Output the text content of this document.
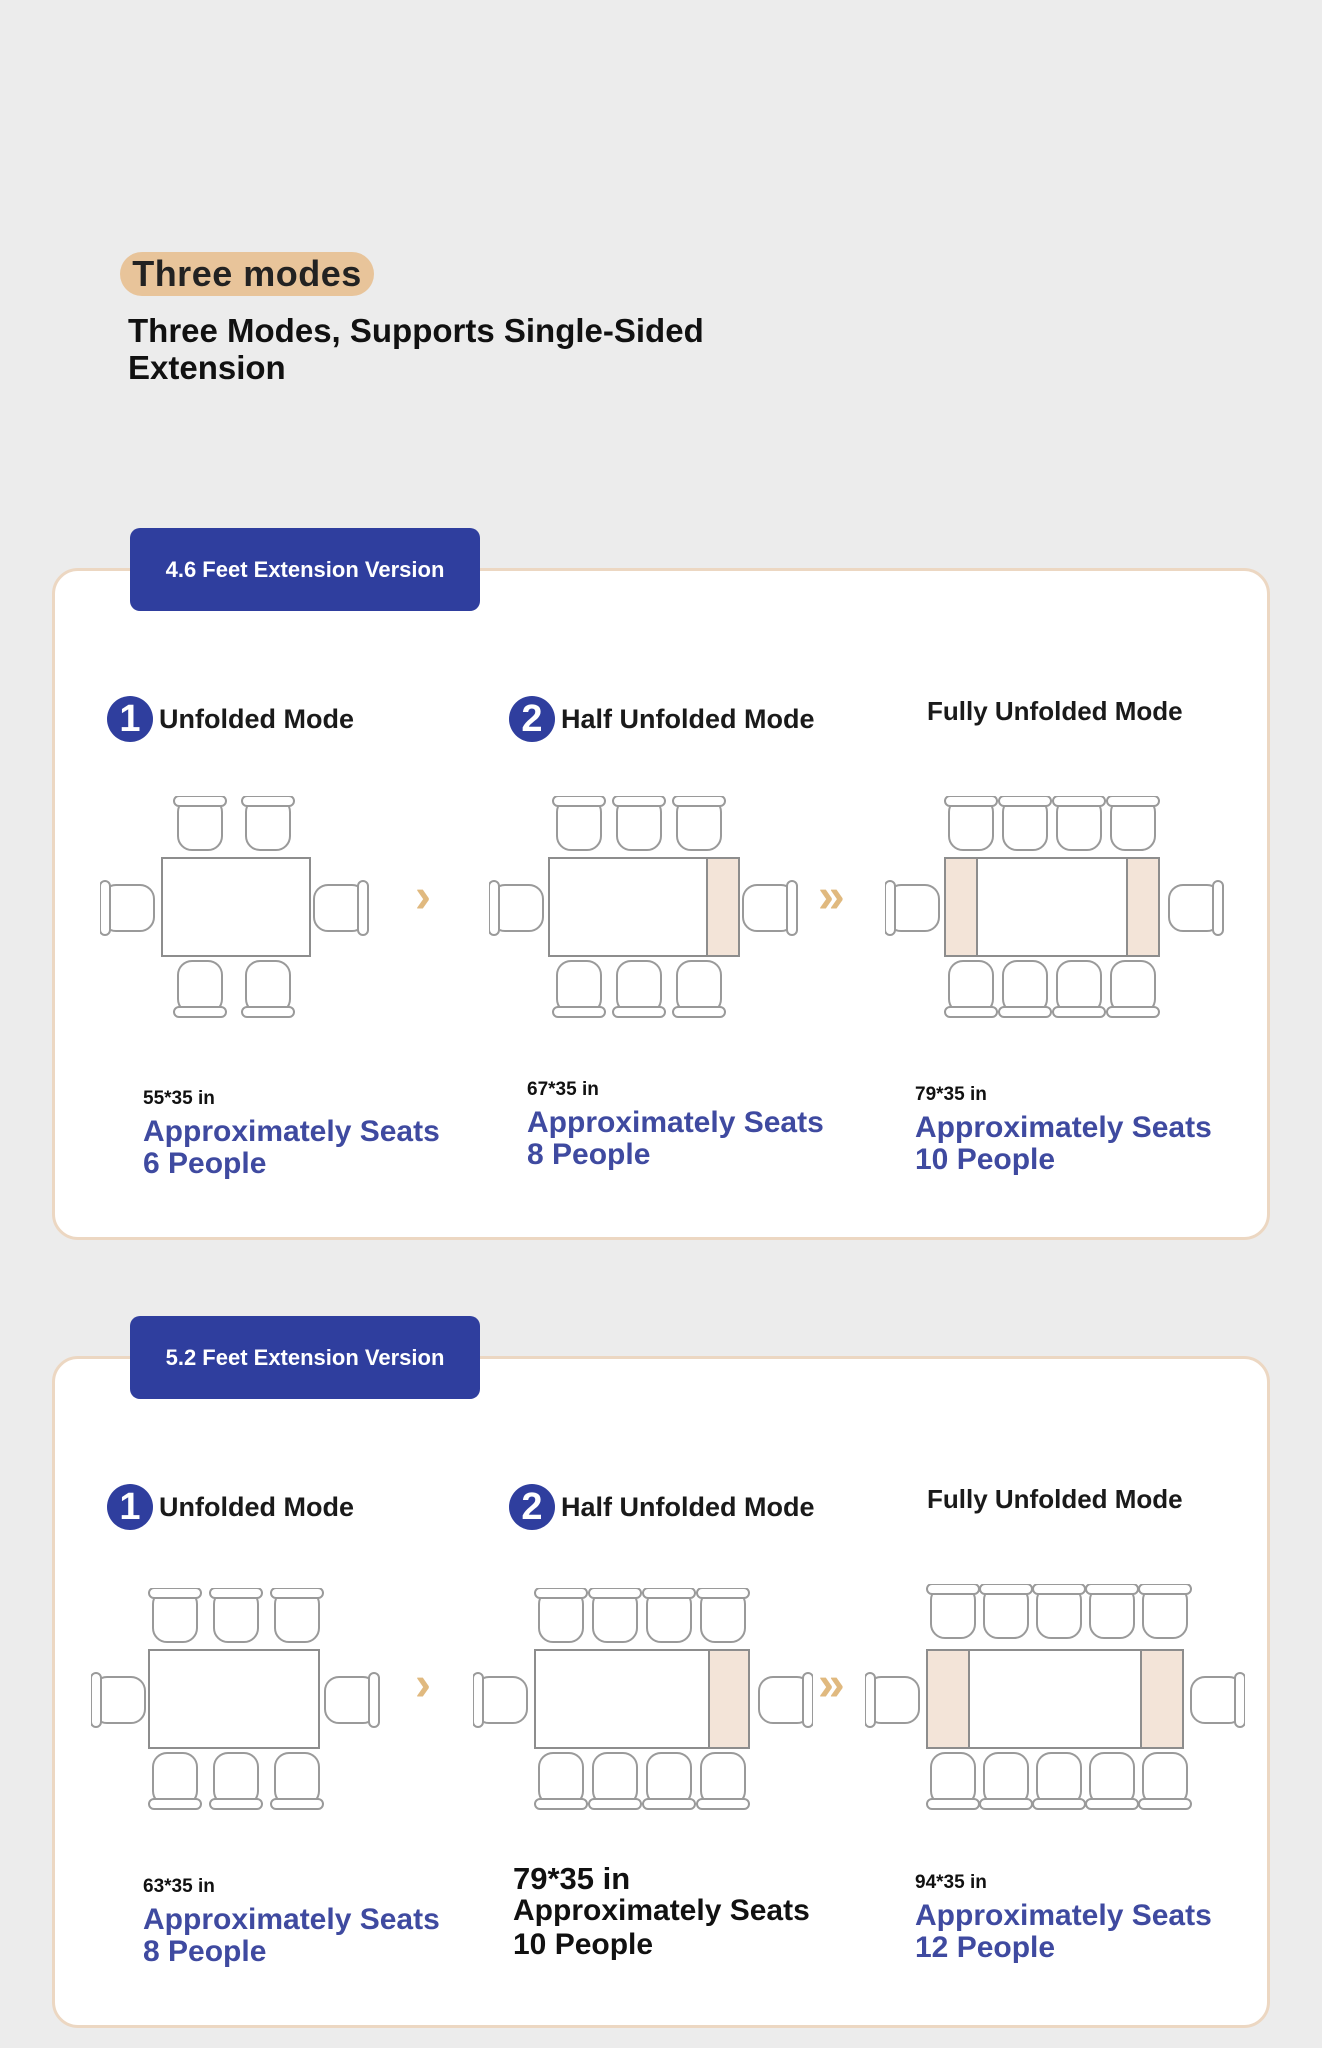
Three modes
Three Modes, Supports Single-Sided Extension
1 Unfolded Mode	2 Half Unfolded Mode	Fully Unfolded Mode
›	»
55*35 in
Approximately Seats 6 People
67*35 in
Approximately Seats 8 People
79*35 in
Approximately Seats 10 People
4.6 Feet Extension Version
1 Unfolded Mode	2 Half Unfolded Mode	Fully Unfolded Mode
›	»
63*35 in
Approximately Seats 8 People
79*35 in
Approximately Seats 10 People
94*35 in
Approximately Seats 12 People
5.2 Feet Extension Version
